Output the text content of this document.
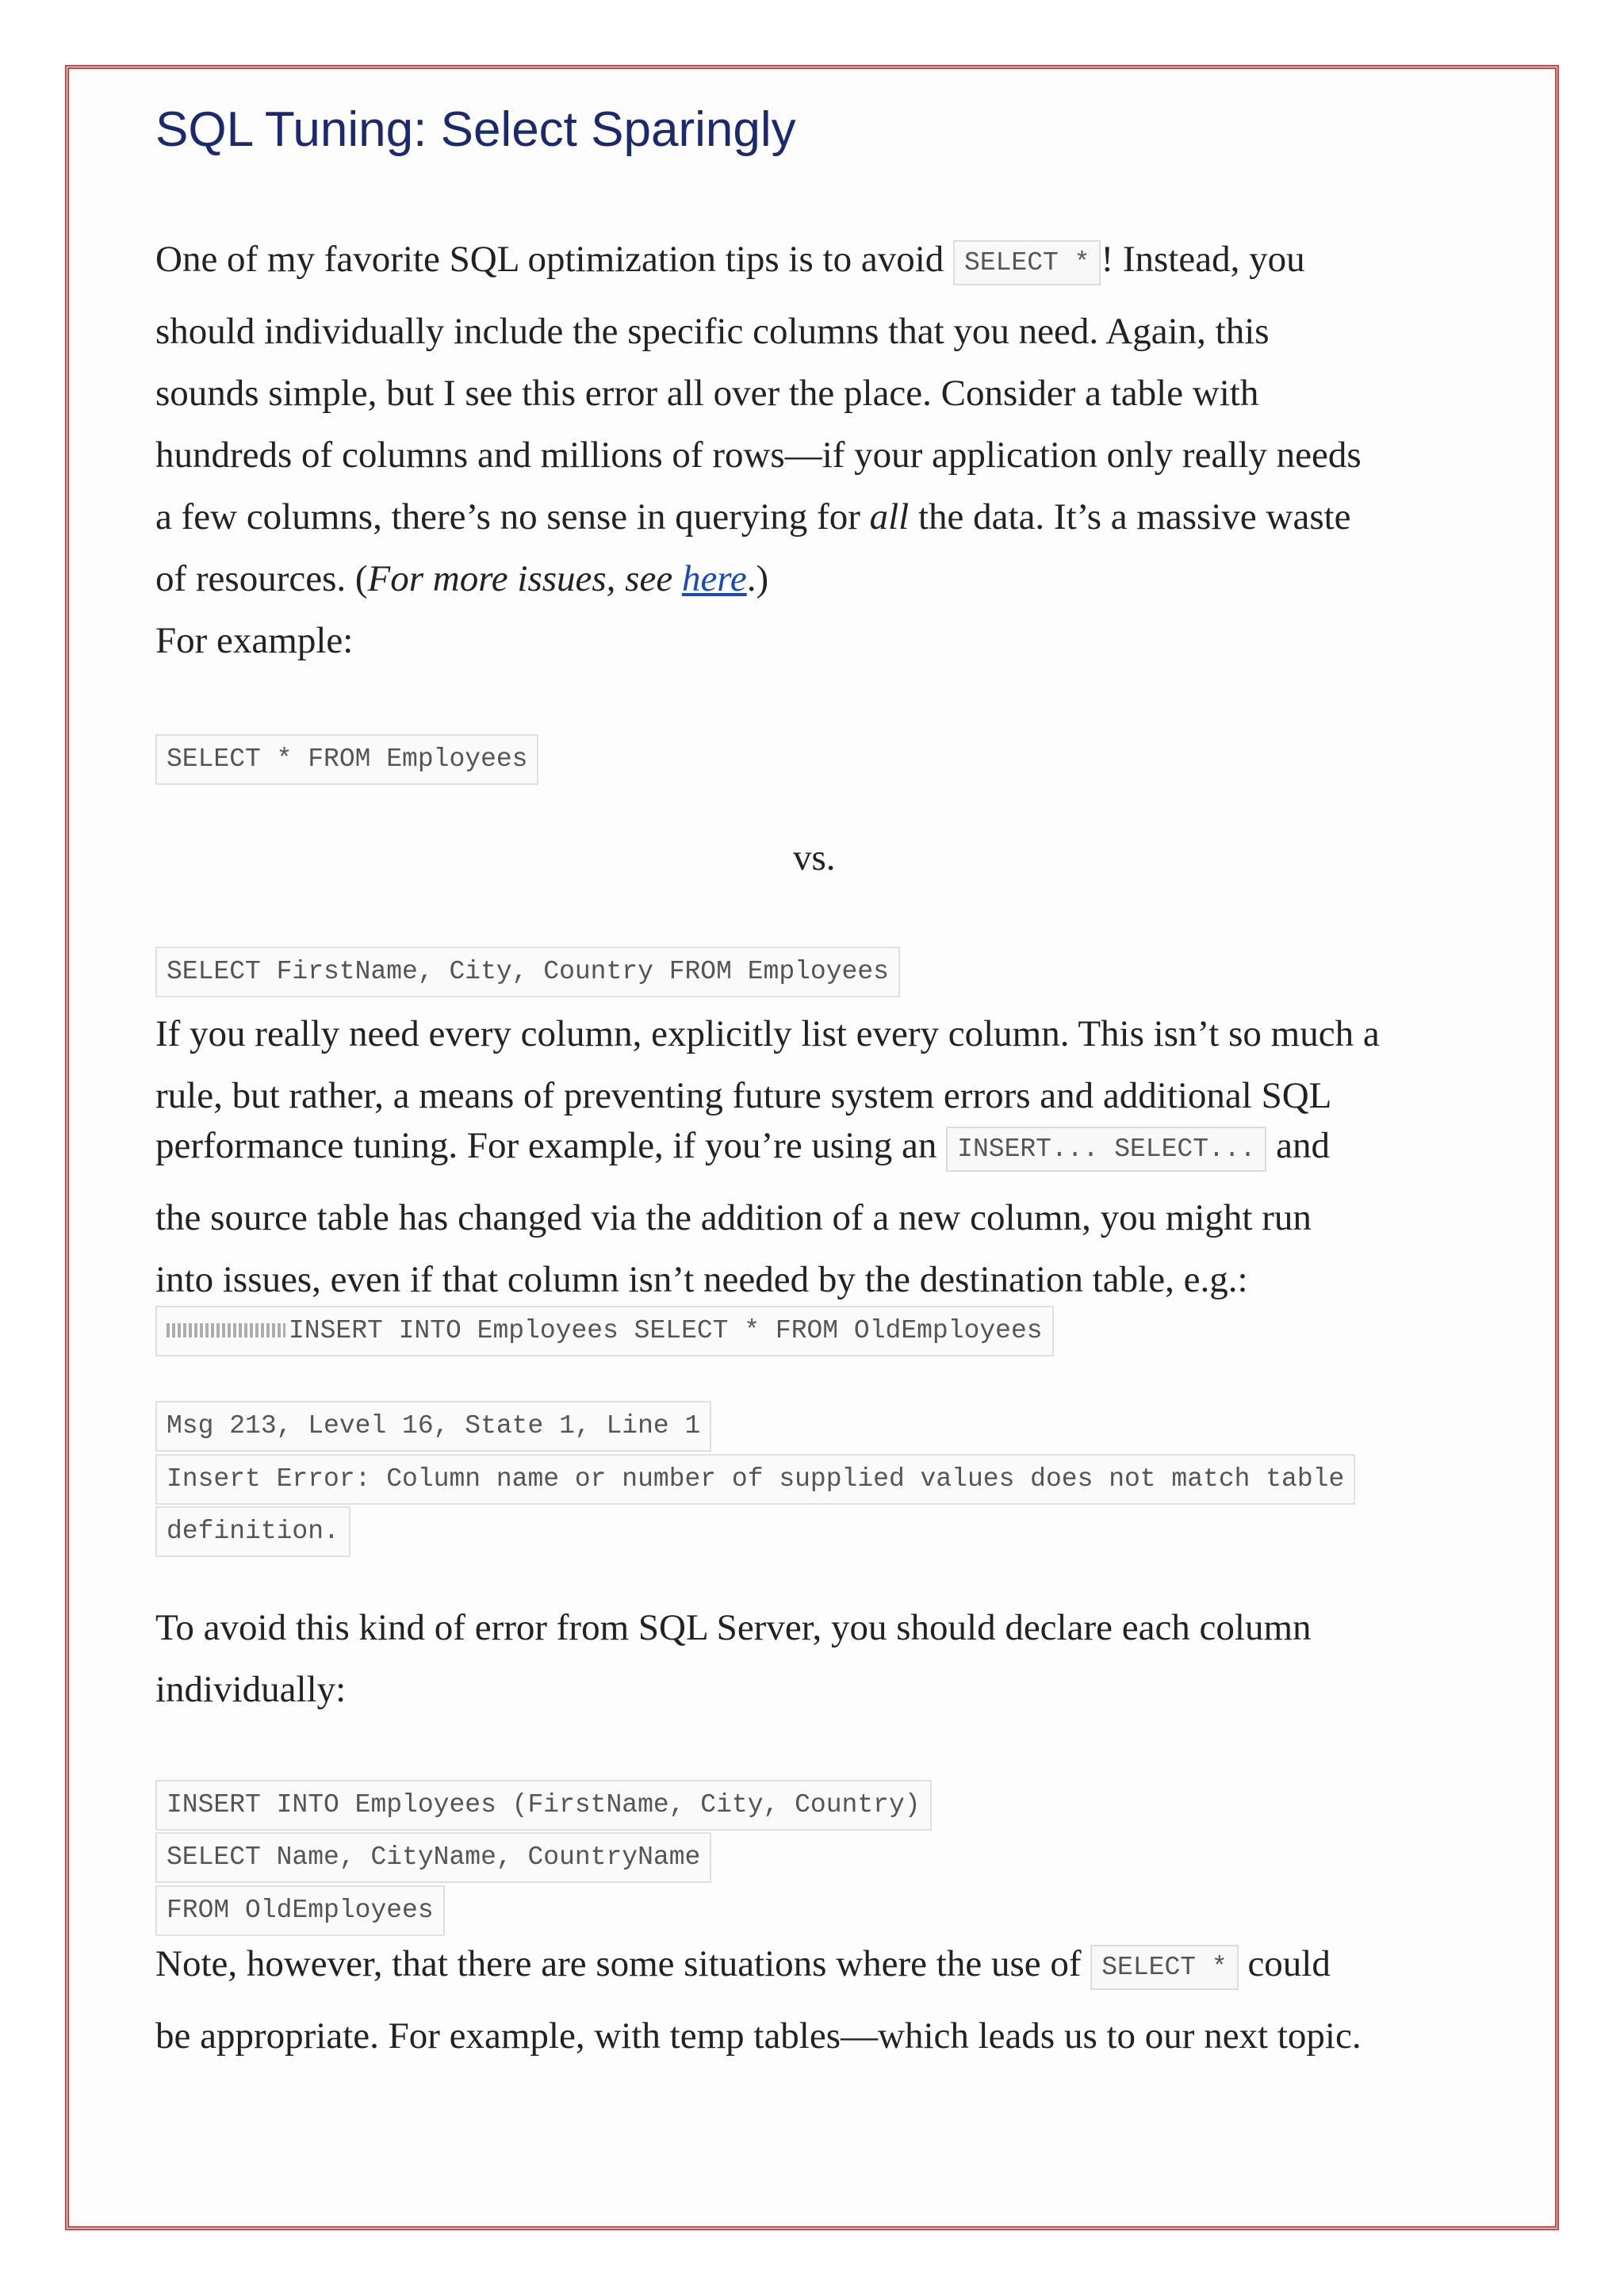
SQL Tuning: Select Sparingly

One of my favorite SQL optimization tips is to avoid SELECT * ! Instead, you

should individually include the specific columns that you need. Again, this

sounds simple, but I see this error all over the place. Consider a table with

hundreds of columns and millions of rows—if your application only really needs

a few columns, there’s no sense in querying for all the data. It’s a massive waste

of resources. (For more issues, see here.)

For example:

SELECT * FROM Employees

vs.

SELECT FirstName, City, Country FROM Employees

If you really need every column, explicitly list every column. This isn’t so much a

rule, but rather, a means of preventing future system errors and additional SQL

performance tuning. For example, if you’re using an INSERT... SELECT... and

the source table has changed via the addition of a new column, you might run

into issues, even if that column isn’t needed by the destination table, e.g.:

INSERT INTO Employees SELECT * FROM OldEmployees
Msg 213, Level 16, State 1, Line 1
Insert Error: Column name or number of supplied values does not match table
definition.

To avoid this kind of error from SQL Server, you should declare each column

individually:

INSERT INTO Employees (FirstName, City, Country)
SELECT Name, CityName, CountryName
FROM OldEmployees

Note, however, that there are some situations where the use of SELECT * could

be appropriate. For example, with temp tables—which leads us to our next topic.
